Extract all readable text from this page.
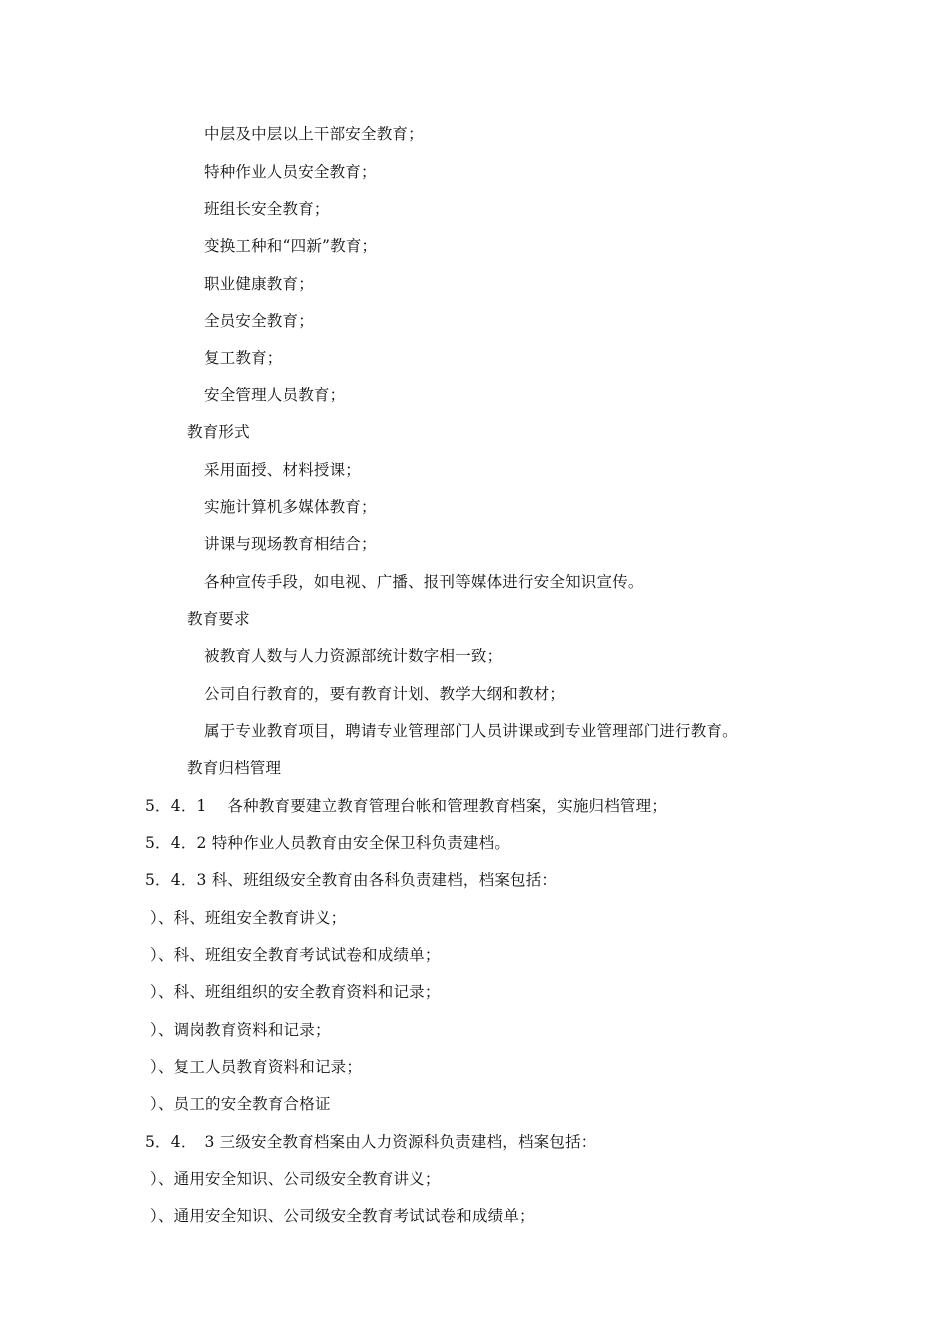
中层及中层以上干部安全教育；
特种作业人员安全教育；
班组长安全教育；
变换工种和“四新”教育；
职业健康教育；
全员安全教育；
复工教育；
安全管理人员教育；
教育形式
采用面授、材料授课；
实施计算机多媒体教育；
讲课与现场教育相结合；
各种宣传手段，如电视、广播、报刊等媒体进行安全知识宣传。
教育要求
被教育人数与人力资源部统计数字相一致；
公司自行教育的，要有教育计划、教学大纲和教材；
属于专业教育项目，聘请专业管理部门人员讲课或到专业管理部门进行教育。
教育归档管理
5．4．1　 各种教育要建立教育管理台帐和管理教育档案，实施归档管理；
5．4．2 特种作业人员教育由安全保卫科负责建档。
5．4．3 科、班组级安全教育由各科负责建档，档案包括：
）、科、班组安全教育讲义；
）、科、班组安全教育考试试卷和成绩单；
）、科、班组组织的安全教育资料和记录；
）、调岗教育资料和记录；
）、复工人员教育资料和记录；
）、员工的安全教育合格证
5．4．　3 三级安全教育档案由人力资源科负责建档，档案包括：
）、通用安全知识、公司级安全教育讲义；
）、通用安全知识、公司级安全教育考试试卷和成绩单；
